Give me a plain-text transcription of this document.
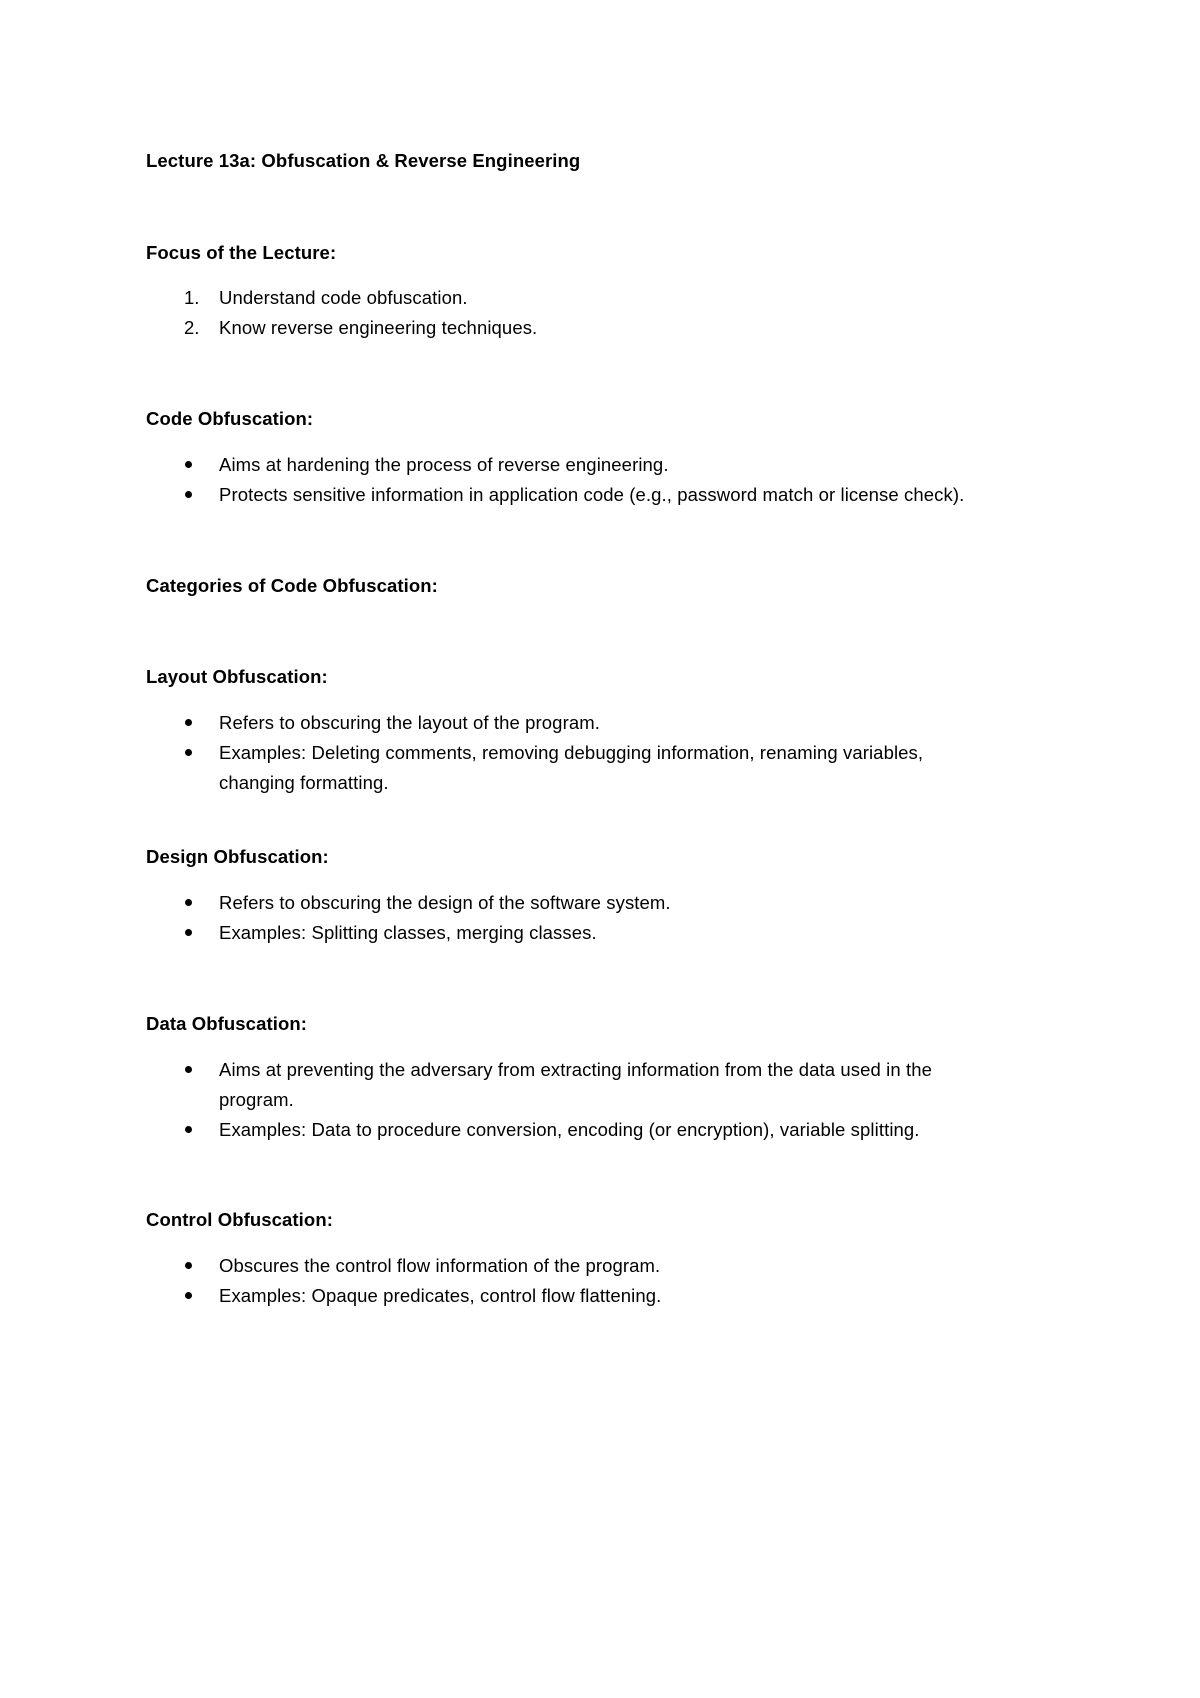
Lecture 13a: Obfuscation & Reverse Engineering
Focus of the Lecture:
1. Understand code obfuscation.
2. Know reverse engineering techniques.
Code Obfuscation:
Aims at hardening the process of reverse engineering.
Protects sensitive information in application code (e.g., password match or license check).
Categories of Code Obfuscation:
Layout Obfuscation:
Refers to obscuring the layout of the program.
Examples: Deleting comments, removing debugging information, renaming variables,
changing formatting.
Design Obfuscation:
Refers to obscuring the design of the software system.
Examples: Splitting classes, merging classes.
Data Obfuscation:
Aims at preventing the adversary from extracting information from the data used in the
program.
Examples: Data to procedure conversion, encoding (or encryption), variable splitting.
Control Obfuscation:
Obscures the control flow information of the program.
Examples: Opaque predicates, control flow flattening.
